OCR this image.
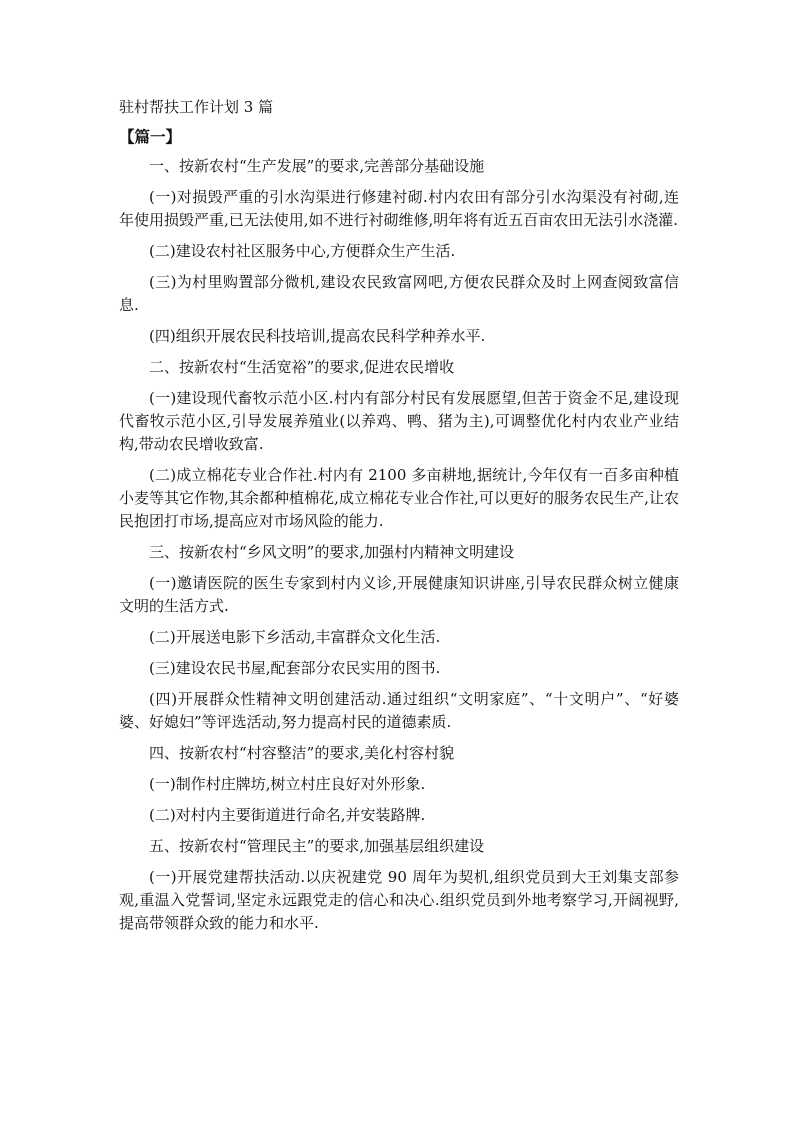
驻村帮扶工作计划 3 篇
【篇一】

一、按新农村“生产发展”的要求,完善部分基础设施

(一)对损毁严重的引水沟渠进行修建衬砌.村内农田有部分引水沟渠没有衬砌,连年使用损毁严重,已无法使用,如不进行衬砌维修,明年将有近五百亩农田无法引水浇灌.

(二)建设农村社区服务中心,方便群众生产生活.

(三)为村里购置部分微机,建设农民致富网吧,方便农民群众及时上网查阅致富信息.

(四)组织开展农民科技培训,提高农民科学种养水平.

二、按新农村“生活宽裕”的要求,促进农民增收

(一)建设现代畜牧示范小区.村内有部分村民有发展愿望,但苦于资金不足,建设现代畜牧示范小区,引导发展养殖业(以养鸡、鸭、猪为主),可调整优化村内农业产业结构,带动农民增收致富.

(二)成立棉花专业合作社.村内有 2100 多亩耕地,据统计,今年仅有一百多亩种植小麦等其它作物,其余都种植棉花,成立棉花专业合作社,可以更好的服务农民生产,让农民抱团打市场,提高应对市场风险的能力.

三、按新农村“乡风文明”的要求,加强村内精神文明建设

(一)邀请医院的医生专家到村内义诊,开展健康知识讲座,引导农民群众树立健康文明的生活方式.

(二)开展送电影下乡活动,丰富群众文化生活.

(三)建设农民书屋,配套部分农民实用的图书.

(四)开展群众性精神文明创建活动.通过组织“文明家庭”、“十文明户”、“好婆婆、好媳妇”等评选活动,努力提高村民的道德素质.

四、按新农村“村容整洁”的要求,美化村容村貌

(一)制作村庄牌坊,树立村庄良好对外形象.

(二)对村内主要街道进行命名,并安装路牌.

五、按新农村“管理民主”的要求,加强基层组织建设

(一)开展党建帮扶活动.以庆祝建党 90 周年为契机,组织党员到大王刘集支部参观,重温入党誓词,坚定永远跟党走的信心和决心.组织党员到外地考察学习,开阔视野,提高带领群众致的能力和水平.
